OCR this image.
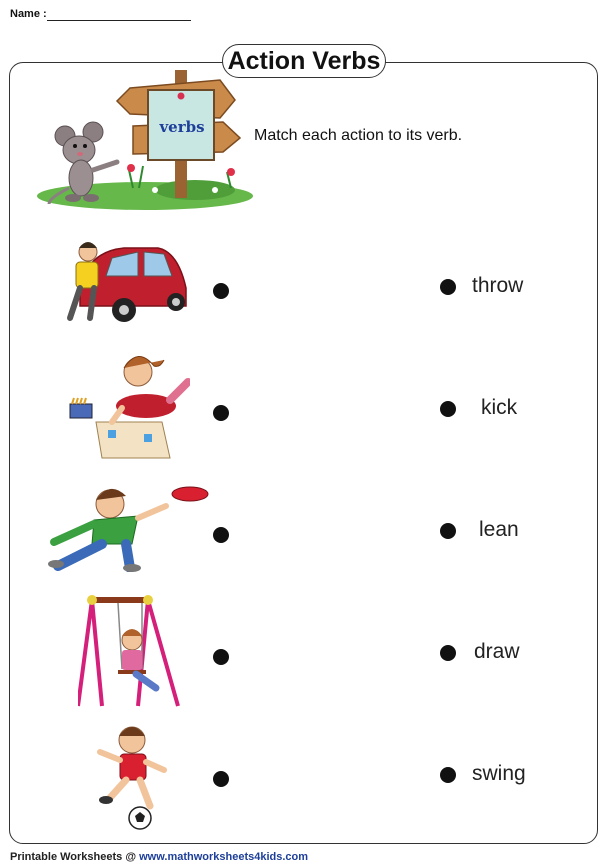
Name :
Action Verbs
verbs	Match each action to its verb.
throw
kick
lean
draw
swing
Printable Worksheets @ www.mathworksheets4kids.com
